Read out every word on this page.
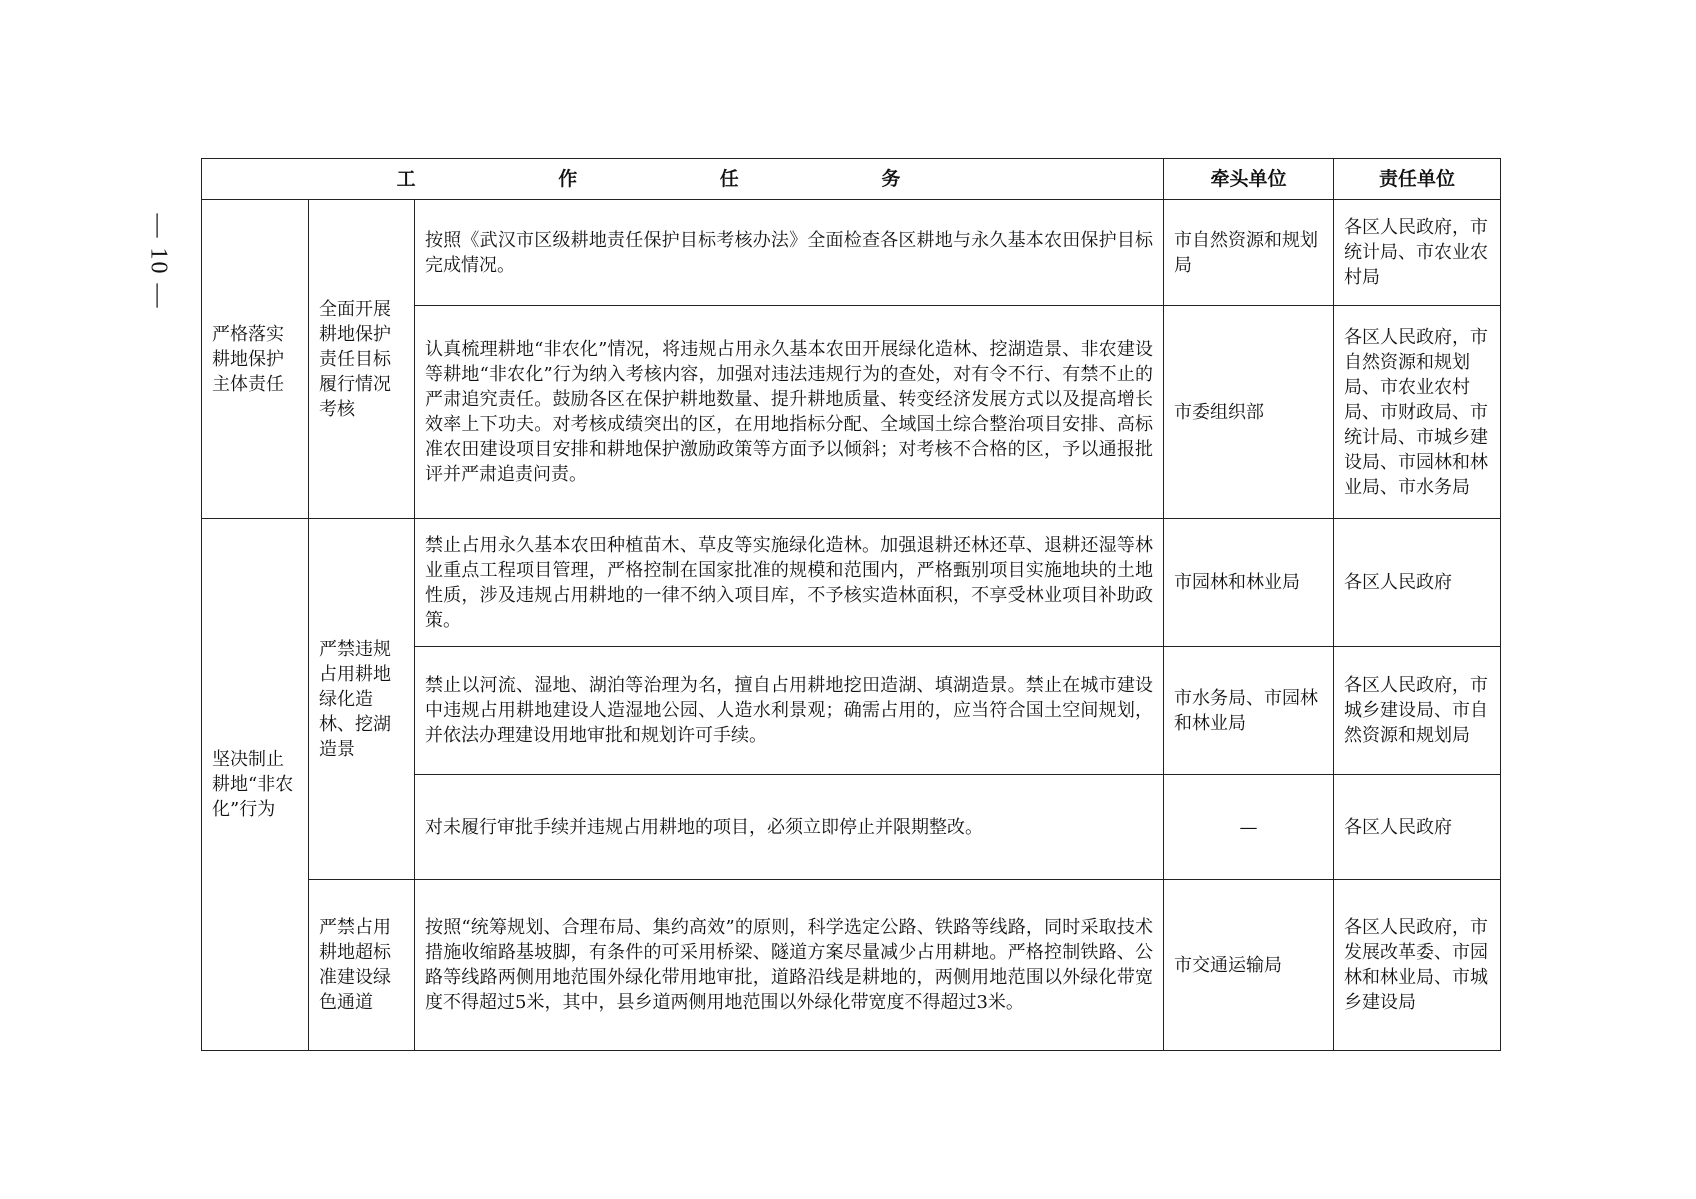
— 10 —
工 作 任 务			牵头单位	责任单位
严格落实耕地保护主体责任	全面开展耕地保护责任目标履行情况考核	按照《武汉市区级耕地责任保护目标考核办法》全面检查各区耕地与永久基本农田保护目标完成情况。	市自然资源和规划局	各区人民政府，市统计局、市农业农村局
		认真梳理耕地“非农化”情况，将违规占用永久基本农田开展绿化造林、挖湖造景、非农建设等耕地“非农化”行为纳入考核内容，加强对违法违规行为的查处，对有令不行、有禁不止的严肃追究责任。鼓励各区在保护耕地数量、提升耕地质量、转变经济发展方式以及提高增长效率上下功夫。对考核成绩突出的区，在用地指标分配、全域国土综合整治项目安排、高标准农田建设项目安排和耕地保护激励政策等方面予以倾斜；对考核不合格的区，予以通报批评并严肃追责问责。	市委组织部	各区人民政府，市自然资源和规划局、市农业农村局、市财政局、市统计局、市城乡建设局、市园林和林业局、市水务局
坚决制止耕地“非农化”行为	严禁违规占用耕地绿化造林、挖湖造景	禁止占用永久基本农田种植苗木、草皮等实施绿化造林。加强退耕还林还草、退耕还湿等林业重点工程项目管理，严格控制在国家批准的规模和范围内，严格甄别项目实施地块的土地性质，涉及违规占用耕地的一律不纳入项目库，不予核实造林面积，不享受林业项目补助政策。	市园林和林业局	各区人民政府
		禁止以河流、湿地、湖泊等治理为名，擅自占用耕地挖田造湖、填湖造景。禁止在城市建设中违规占用耕地建设人造湿地公园、人造水利景观；确需占用的，应当符合国土空间规划，并依法办理建设用地审批和规划许可手续。	市水务局、市园林和林业局	各区人民政府，市城乡建设局、市自然资源和规划局
		对未履行审批手续并违规占用耕地的项目，必须立即停止并限期整改。	—	各区人民政府
	严禁占用耕地超标准建设绿色通道	按照“统筹规划、合理布局、集约高效”的原则，科学选定公路、铁路等线路，同时采取技术措施收缩路基坡脚，有条件的可采用桥梁、隧道方案尽量减少占用耕地。严格控制铁路、公路等线路两侧用地范围外绿化带用地审批，道路沿线是耕地的，两侧用地范围以外绿化带宽度不得超过5米，其中，县乡道两侧用地范围以外绿化带宽度不得超过3米。	市交通运输局	各区人民政府，市发展改革委、市园林和林业局、市城乡建设局
